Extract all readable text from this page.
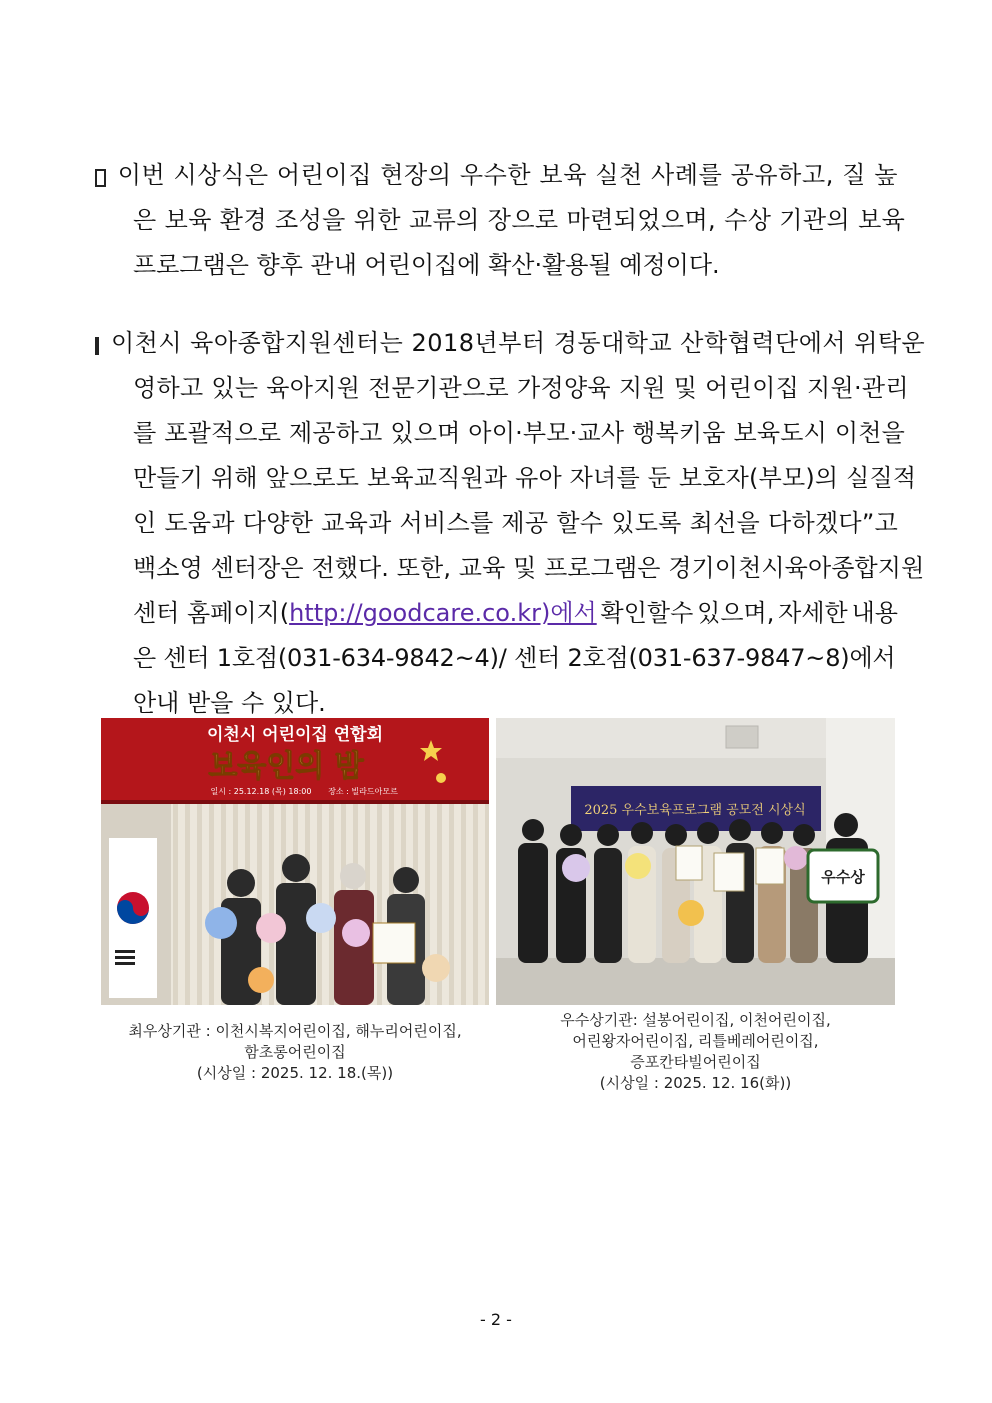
이번 시상식은 어린이집 현장의 우수한 보육 실천 사례를 공유하고, 질 높
은 보육 환경 조성을 위한 교류의 장으로 마련되었으며, 수상 기관의 보육
프로그램은 향후 관내 어린이집에 확산·활용될 예정이다.
이천시 육아종합지원센터는 2018년부터 경동대학교 산학협력단에서 위탁운
영하고 있는 육아지원 전문기관으로 가정양육 지원 및 어린이집 지원·관리
를 포괄적으로 제공하고 있으며 아이·부모·교사 행복키움 보육도시 이천을
만들기 위해 앞으로도 보육교직원과 유아 자녀를 둔 보호자(부모)의 실질적
인 도움과 다양한 교육과 서비스를 제공 할수 있도록 최선을 다하겠다”고
백소영 센터장은 전했다. 또한, 교육 및 프로그램은 경기이천시육아종합지원
센터 홈페이지(http://goodcare.co.kr)에서 확인할수 있으며, 자세한 내용
은 센터 1호점(031-634-9842~4)/ 센터 2호점(031-637-9847~8)에서
안내 받을 수 있다.
이천시 어린이집 연합회
보육인의 밤
일시 : 25.12.18 (목) 18:00 장소 : 빌라드아모르
2025 우수보육프로그램 공모전 시상식
우수상
최우상기관 : 이천시복지어린이집, 해누리어린이집,
함초롱어린이집
(시상일 : 2025. 12. 18.(목))
우수상기관: 설봉어린이집, 이천어린이집,
어린왕자어린이집, 리틀베레어린이집,
증포칸타빌어린이집
(시상일 : 2025. 12. 16(화))
- 2 -
